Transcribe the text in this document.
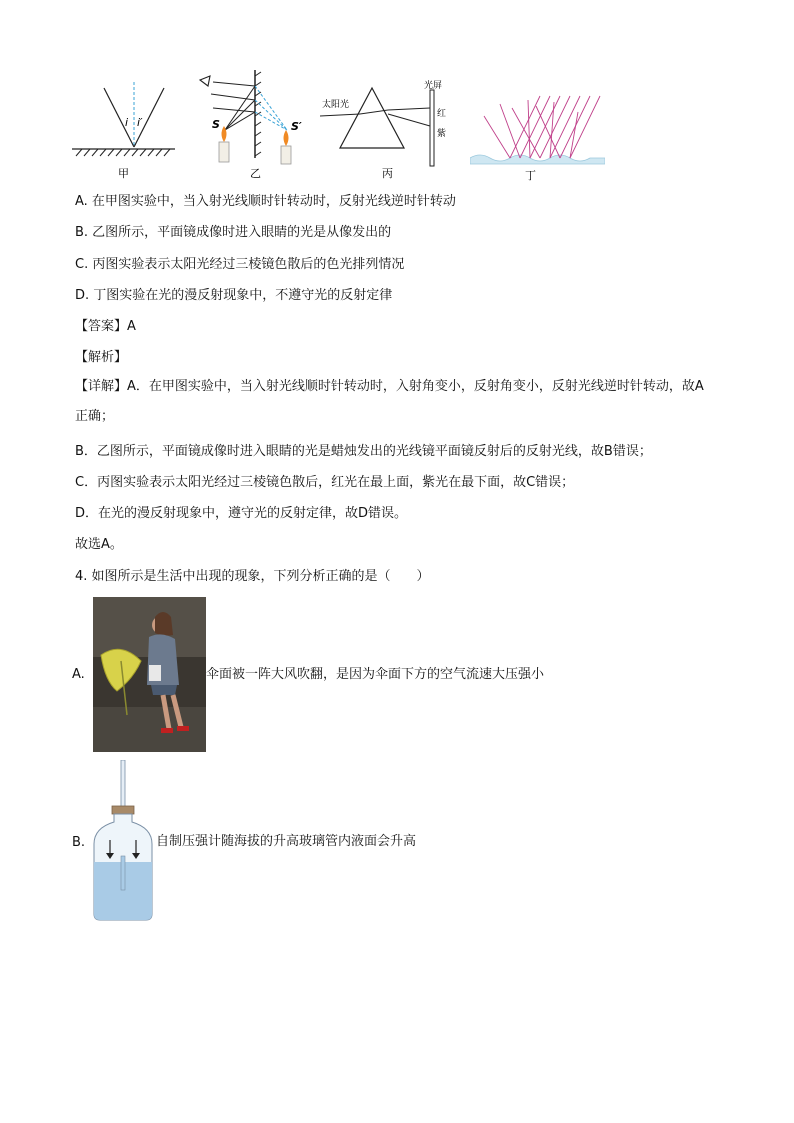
i i′
甲
S	S′
乙
太阳光
光屏
红
紫
丙	丁
A. 在甲图实验中，当入射光线顺时针转动时，反射光线逆时针转动
B. 乙图所示，平面镜成像时进入眼睛的光是从像发出的
C. 丙图实验表示太阳光经过三棱镜色散后的色光排列情况
D. 丁图实验在光的漫反射现象中，不遵守光的反射定律
【答案】A
【解析】
【详解】A．在甲图实验中，当入射光线顺时针转动时，入射角变小，反射角变小，反射光线逆时针转动，故A正确；
B．乙图所示，平面镜成像时进入眼睛的光是蜡烛发出的光线镜平面镜反射后的反射光线，故B错误；
C．丙图实验表示太阳光经过三棱镜色散后，红光在最上面，紫光在最下面，故C错误；
D．在光的漫反射现象中，遵守光的反射定律，故D错误。
故选A。
4. 如图所示是生活中出现的现象，下列分析正确的是（　　）
A.	伞面被一阵大风吹翻，是因为伞面下方的空气流速大压强小
B.	自制压强计随海拔的升高玻璃管内液面会升高
